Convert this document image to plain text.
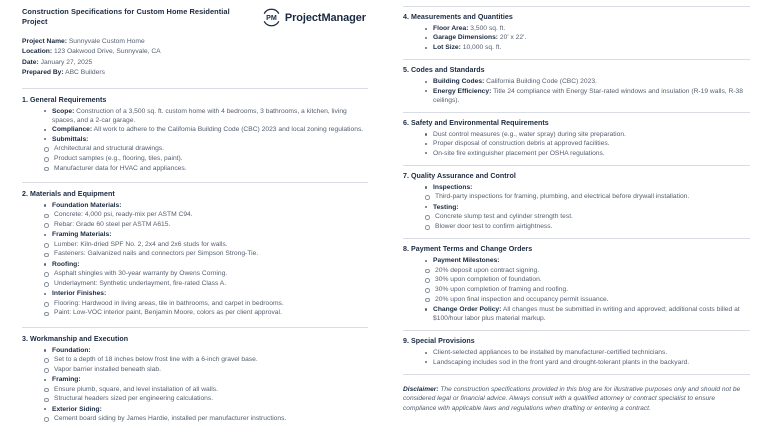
Construction Specifications for Custom Home Residential Project	PM ProjectManager
Project Name: Sunnyvale Custom Home
Location: 123 Oakwood Drive, Sunnyvale, CA
Date: January 27, 2025
Prepared By: ABC Builders
1. General Requirements
Scope: Construction of a 3,500 sq. ft. custom home with 4 bedrooms, 3 bathrooms, a kitchen, living spaces, and a 2-car garage.
Compliance: All work to adhere to the California Building Code (CBC) 2023 and local zoning regulations.
Submittals:
Architectural and structural drawings.
Product samples (e.g., flooring, tiles, paint).
Manufacturer data for HVAC and appliances.
2. Materials and Equipment
Foundation Materials:
Concrete: 4,000 psi, ready-mix per ASTM C94.
Rebar: Grade 60 steel per ASTM A615.
Framing Materials:
Lumber: Kiln-dried SPF No. 2, 2x4 and 2x6 studs for walls.
Fasteners: Galvanized nails and connectors per Simpson Strong-Tie.
Roofing:
Asphalt shingles with 30-year warranty by Owens Corning.
Underlayment: Synthetic underlayment, fire-rated Class A.
Interior Finishes:
Flooring: Hardwood in living areas, tile in bathrooms, and carpet in bedrooms.
Paint: Low-VOC interior paint, Benjamin Moore, colors as per client approval.
3. Workmanship and Execution
Foundation:
Set to a depth of 18 inches below frost line with a 6-inch gravel base.
Vapor barrier installed beneath slab.
Framing:
Ensure plumb, square, and level installation of all walls.
Structural headers sized per engineering calculations.
Exterior Siding:
Cement board siding by James Hardie, installed per manufacturer instructions.
4. Measurements and Quantities
Floor Area: 3,500 sq. ft.
Garage Dimensions: 20' x 22'.
Lot Size: 10,000 sq. ft.
5. Codes and Standards
Building Codes: California Building Code (CBC) 2023.
Energy Efficiency: Title 24 compliance with Energy Star-rated windows and insulation (R-19 walls, R-38 ceilings).
6. Safety and Environmental Requirements
Dust control measures (e.g., water spray) during site preparation.
Proper disposal of construction debris at approved facilities.
On-site fire extinguisher placement per OSHA regulations.
7. Quality Assurance and Control
Inspections:
Third-party inspections for framing, plumbing, and electrical before drywall installation.
Testing:
Concrete slump test and cylinder strength test.
Blower door test to confirm airtightness.
8. Payment Terms and Change Orders
Payment Milestones:
20% deposit upon contract signing.
30% upon completion of foundation.
30% upon completion of framing and roofing.
20% upon final inspection and occupancy permit issuance.
Change Order Policy: All changes must be submitted in writing and approved; additional costs billed at $100/hour labor plus material markup.
9. Special Provisions
Client-selected appliances to be installed by manufacturer-certified technicians.
Landscaping includes sod in the front yard and drought-tolerant plants in the backyard.
Disclaimer: The construction specifications provided in this blog are for illustrative purposes only and should not be considered legal or financial advice. Always consult with a qualified attorney or contract specialist to ensure compliance with applicable laws and regulations when drafting or entering a contract.
